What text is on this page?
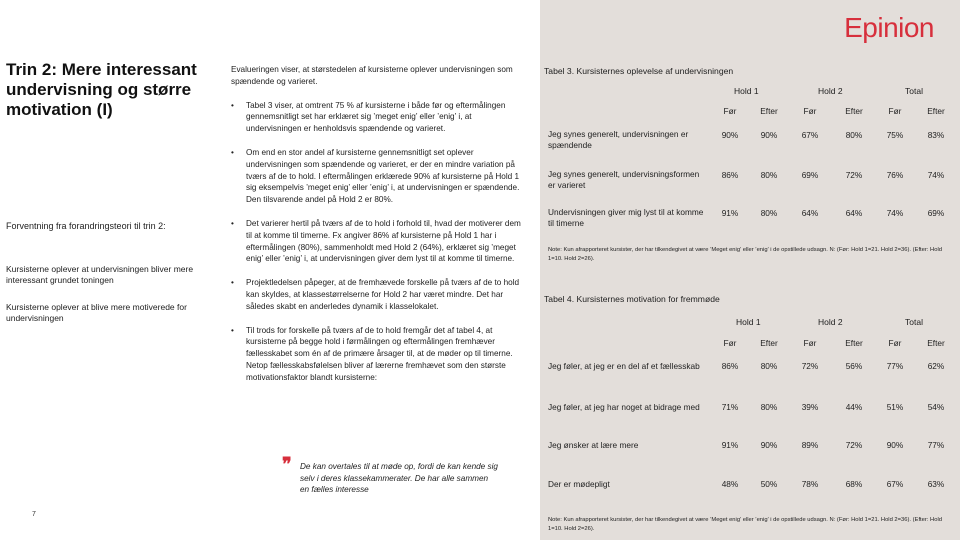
Epinion
Trin 2: Mere interessant undervisning og større motivation (I)
Forventning fra forandringsteori til trin 2:
Kursisterne oplever at undervisningen bliver mere interessant grundet toningen
Kursisterne oplever at blive mere motiverede for undervisningen
7

Evalueringen viser, at størstedelen af kursisterne oplever undervisningen som spændende og varieret.

• Tabel 3 viser, at omtrent 75 % af kursisterne i både før og eftermålingen gennemsnitligt set har erklæret sig ’meget enig’ eller ’enig’ i, at undervisningen er henholdsvis spændende og varieret.
• Om end en stor andel af kursisterne gennemsnitligt set oplever undervisningen som spændende og varieret, er der en mindre variation på tværs af de to hold. I eftermålingen erklærede 90% af kursisterne på Hold 1 sig eksempelvis ’meget enig’ eller ’enig’ i, at undervisningen er spændende. Den tilsvarende andel på Hold 2 er 80%.
• Det varierer hertil på tværs af de to hold i forhold til, hvad der motiverer dem til at komme til timerne. Fx angiver 86% af kursisterne på Hold 1 har i eftermålingen (80%), sammenholdt med Hold 2 (64%), erklæret sig ’meget enig’ eller ’enig’ i, at undervisningen giver dem lyst til at komme til timerne.
• Projektledelsen påpeger, at de fremhævede forskelle på tværs af de to hold kan skyldes, at klassestørrelserne for Hold 2 har været mindre. Det har således skabt en anderledes dynamik i klasselokalet.
• Til trods for forskelle på tværs af de to hold fremgår det af tabel 4, at kursisterne på begge hold i førmålingen og eftermålingen fremhæver fællesskabet som én af de primære årsager til, at de møder op til timerne. Netop fællesskabsfølelsen bliver af lærerne fremhævet som den største motivationsfaktor blandt kursisterne:
❞	De kan overtales til at møde op, fordi de kan kende sig selv i deres klassekammerater. De har alle sammen en fælles interesse
Tabel 3. Kursisternes oplevelse af undervisningen
Hold 1	Hold 2	Total
Før	Efter	Før	Efter	Før	Efter
Jeg synes generelt, undervisningen er spændende
90%	90%	67%	80%	75%	83%
Jeg synes generelt, undervisningsformen er varieret
86%	80%	69%	72%	76%	74%
Undervisningen giver mig lyst til at komme til timerne
91%	80%	64%	64%	74%	69%
Note: Kun afrapporteret kursister, der har tilkendegivet at være ’Meget enig’ eller ’enig’ i de opstillede udsagn. N: (Før: Hold 1=21. Hold 2=36). (Efter: Hold 1=10. Hold 2=26).
Tabel 4. Kursisternes motivation for fremmøde
Hold 1	Hold 2	Total
Før	Efter	Før	Efter	Før	Efter
Jeg føler, at jeg er en del af et fællesskab	86%	80%	72%	56%	77%	62%
Jeg føler, at jeg har noget at bidrage med	71%	80%	39%	44%	51%	54%
Jeg ønsker at lære mere	91%	90%	89%	72%	90%	77%
Der er mødepligt	48%	50%	78%	68%	67%	63%
Note: Kun afrapporteret kursister, der har tilkendegivet at være ’Meget enig’ eller ’enig’ i de opstillede udsagn. N: (Før: Hold 1=21. Hold 2=36). (Efter: Hold 1=10. Hold 2=26).
